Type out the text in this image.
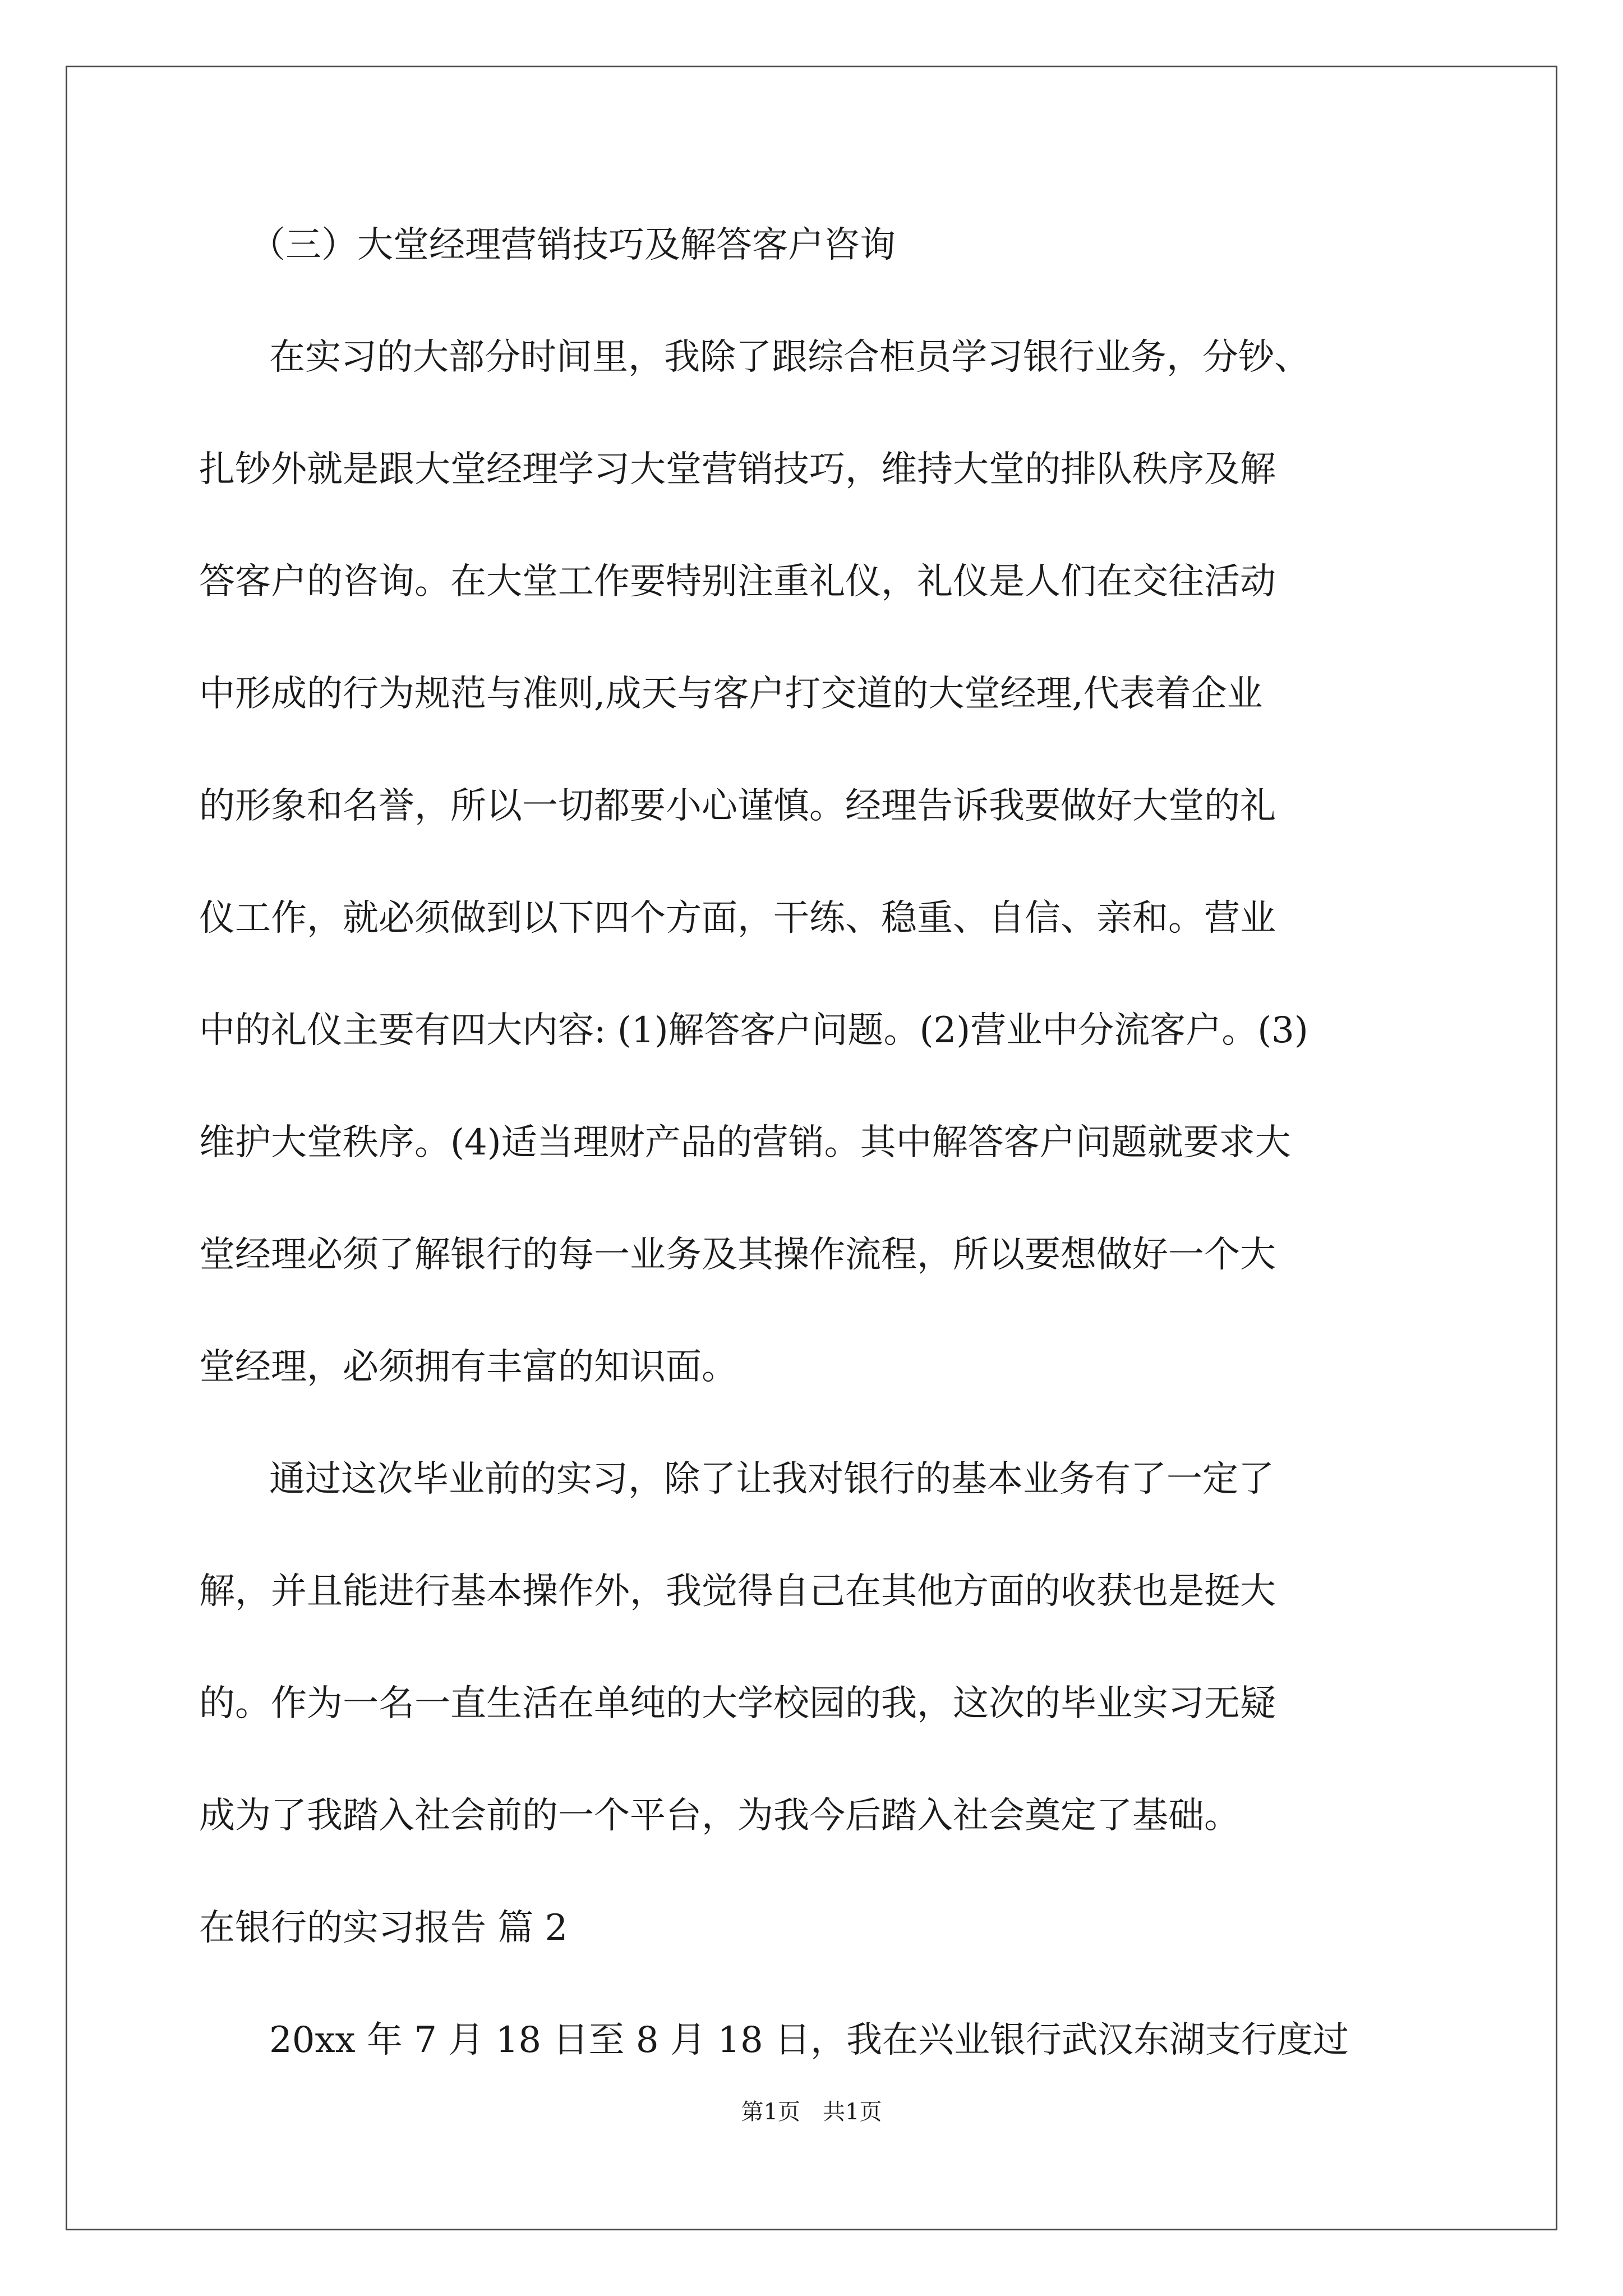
（三）大堂经理营销技巧及解答客户咨询
在实习的大部分时间里，我除了跟综合柜员学习银行业务，分钞、
扎钞外就是跟大堂经理学习大堂营销技巧，维持大堂的排队秩序及解
答客户的咨询。在大堂工作要特别注重礼仪，礼仪是人们在交往活动
中形成的行为规范与准则,成天与客户打交道的大堂经理,代表着企业
的形象和名誉，所以一切都要小心谨慎。经理告诉我要做好大堂的礼
仪工作，就必须做到以下四个方面，干练、稳重、自信、亲和。营业
中的礼仪主要有四大内容: (1)解答客户问题。(2)营业中分流客户。(3)
维护大堂秩序。(4)适当理财产品的营销。其中解答客户问题就要求大
堂经理必须了解银行的每一业务及其操作流程，所以要想做好一个大
堂经理，必须拥有丰富的知识面。
通过这次毕业前的实习，除了让我对银行的基本业务有了一定了
解，并且能进行基本操作外，我觉得自己在其他方面的收获也是挺大
的。作为一名一直生活在单纯的大学校园的我，这次的毕业实习无疑
成为了我踏入社会前的一个平台，为我今后踏入社会奠定了基础。
在银行的实习报告 篇 2
20xx 年 7 月 18 日至 8 月 18 日，我在兴业银行武汉东湖支行度过
第1页　共1页
